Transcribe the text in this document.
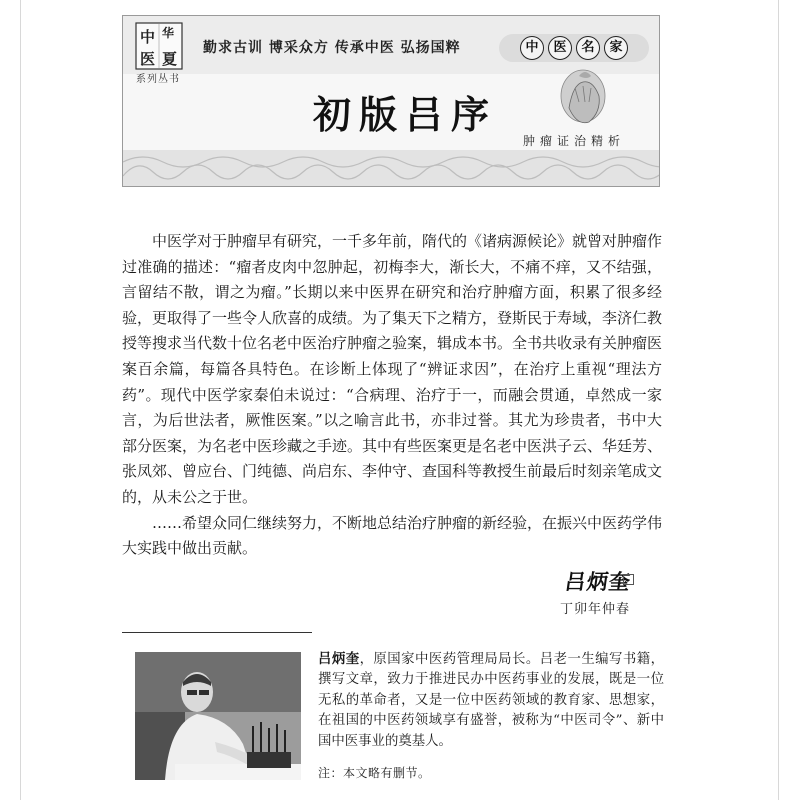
中 华
医 夏
系列丛书
勤求古训 博采众方 传承中医 弘扬国粹	中	医	名	家
初版吕序
肿瘤证治精析

中医学对于肿瘤早有研究，一千多年前，隋代的《诸病源候论》就曾对肿瘤作过准确的描述：“瘤者皮肉中忽肿起，初梅李大，渐长大，不痛不痒，又不结强，言留结不散，谓之为瘤。”长期以来中医界在研究和治疗肿瘤方面，积累了很多经验，更取得了一些令人欣喜的成绩。为了集天下之精方，登斯民于寿域，李济仁教授等搜求当代数十位名老中医治疗肿瘤之验案，辑成本书。全书共收录有关肿瘤医案百余篇，每篇各具特色。在诊断上体现了“辨证求因”，在治疗上重视“理法方药”。现代中医学家秦伯未说过：“合病理、治疗于一，而融会贯通，卓然成一家言，为后世法者，厥惟医案。”以之喻言此书，亦非过誉。其尤为珍贵者，书中大部分医案，为名老中医珍藏之手迹。其中有些医案更是名老中医洪子云、华廷芳、张凤郊、曾应台、门纯德、尚启东、李仲守、查国科等教授生前最后时刻亲笔成文的，从未公之于世。

……希望众同仁继续努力，不断地总结治疗肿瘤的新经验，在振兴中医药学伟大实践中做出贡献。

吕炳奎
丁卯年仲春
吕炳奎，原国家中医药管理局局长。吕老一生编写书籍，撰写文章，致力于推进民办中医药事业的发展，既是一位无私的革命者，又是一位中医药领域的教育家、思想家，在祖国的中医药领域享有盛誉，被称为“中医司令”、新中国中医事业的奠基人。
注：本文略有删节。
